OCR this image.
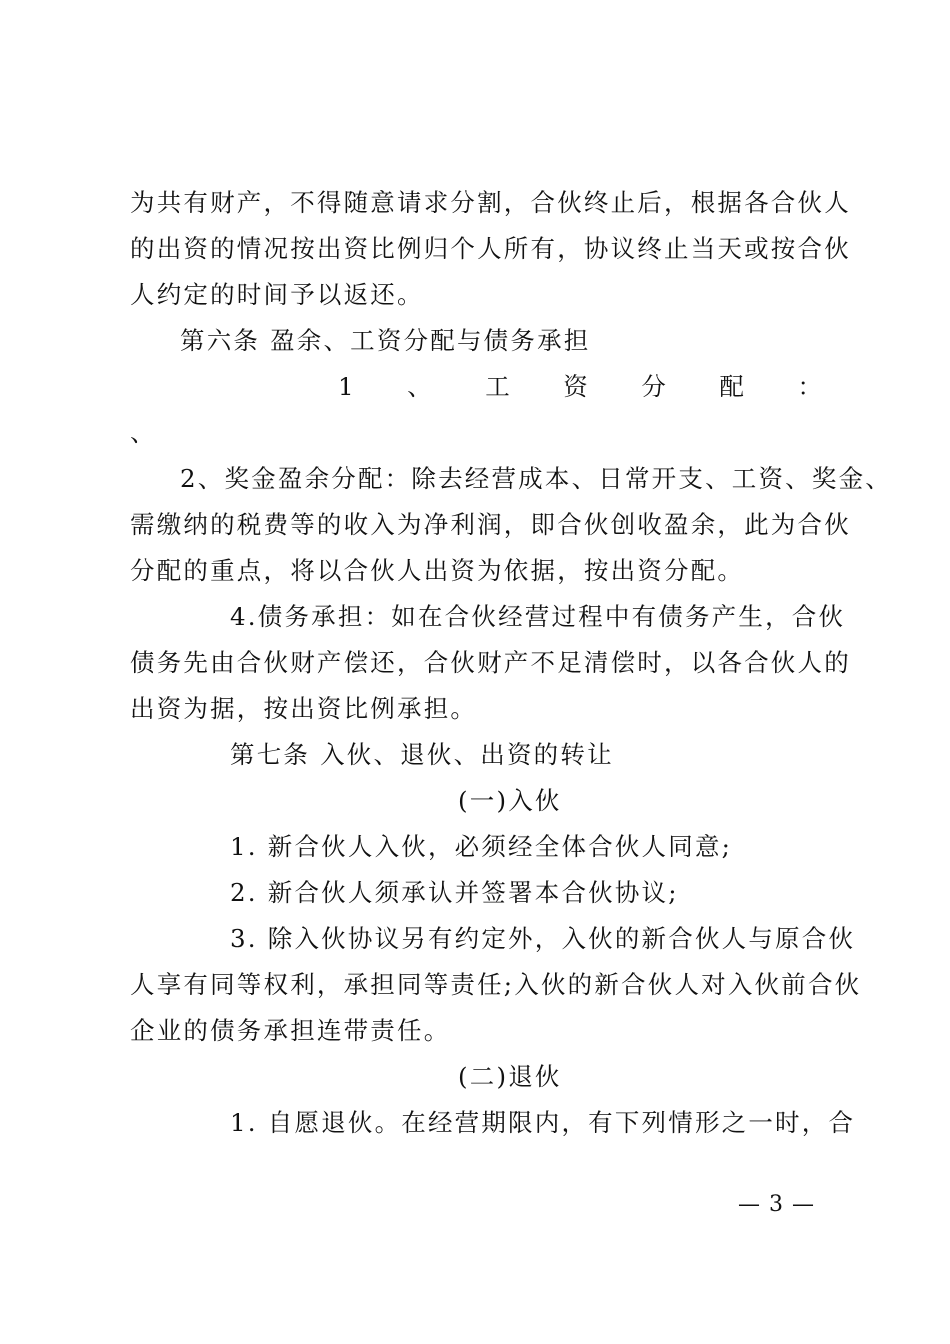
为共有财产，不得随意请求分割，合伙终止后，根据各合伙人
的出资的情况按出资比例归个人所有，协议终止当天或按合伙
人约定的时间予以返还。
第六条 盈余、工资分配与债务承担
1 、 工 资 分 配 ：
、
2、奖金盈余分配：除去经营成本、日常开支、工资、奖金、
需缴纳的税费等的收入为净利润，即合伙创收盈余，此为合伙
分配的重点，将以合伙人出资为依据，按出资分配。
4.债务承担：如在合伙经营过程中有债务产生，合伙
债务先由合伙财产偿还，合伙财产不足清偿时，以各合伙人的
出资为据，按出资比例承担。
第七条 入伙、退伙、出资的转让
(一)入伙
1. 新合伙人入伙，必须经全体合伙人同意;
2. 新合伙人须承认并签署本合伙协议;
3. 除入伙协议另有约定外，入伙的新合伙人与原合伙
人享有同等权利，承担同等责任;入伙的新合伙人对入伙前合伙
企业的债务承担连带责任。
(二)退伙
1. 自愿退伙。在经营期限内，有下列情形之一时，合
— 3 —
